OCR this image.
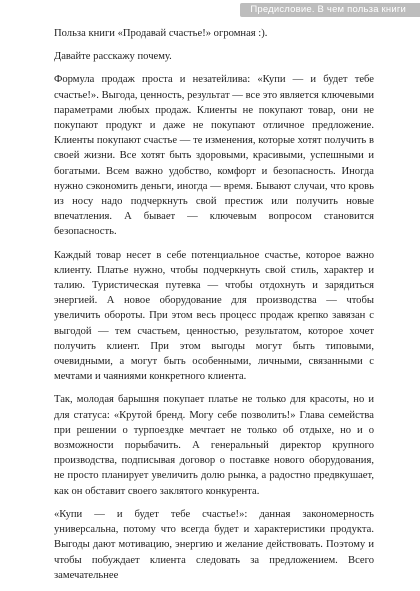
Предисловие. В чем польза книги

Польза книги «Продавай счастье!» огромная :).

Давайте расскажу почему.

Формула продаж проста и незатейлива: «Купи — и будет тебе счастье!». Выгода, ценность, результат — все это является ключевыми параметрами любых продаж. Клиенты не покупают товар, они не покупают продукт и даже не покупают отличное предложение. Клиенты покупают счастье — те изменения, которые хотят получить в своей жизни. Все хотят быть здоровыми, красивыми, успешными и богатыми. Всем важно удобство, комфорт и безопасность. Иногда нужно сэкономить деньги, иногда — время. Бывают случаи, что кровь из носу надо подчеркнуть свой престиж или получить новые впечатления. А бывает — ключевым вопросом становится безопасность.

Каждый товар несет в себе потенциальное счастье, которое важно клиенту. Платье нужно, чтобы подчеркнуть свой стиль, характер и талию. Туристическая путевка — чтобы отдохнуть и зарядиться энергией. А новое оборудование для производства — чтобы увеличить обороты. При этом весь процесс продаж крепко завязан с выгодой — тем счастьем, ценностью, результатом, которое хочет получить клиент. При этом выгоды могут быть типовыми, очевидными, а могут быть особенными, личными, связанными с мечтами и чаяниями конкретного клиента.

Так, молодая барышня покупает платье не только для красоты, но и для статуса: «Крутой бренд. Могу себе позволить!» Глава семейства при решении о турпоездке мечтает не только об отдыхе, но и о возможности порыбачить. А генеральный директор крупного производства, подписывая договор о поставке нового оборудования, не просто планирует увеличить долю рынка, а радостно предвкушает, как он обставит своего заклятого конкурента.

«Купи — и будет тебе счастье!»: данная закономерность универсальна, потому что всегда будет и характеристики продукта. Выгоды дают мотивацию, энергию и желание действовать. Поэтому и чтобы побуждает клиента следовать за предложением. Всего замечательнее
